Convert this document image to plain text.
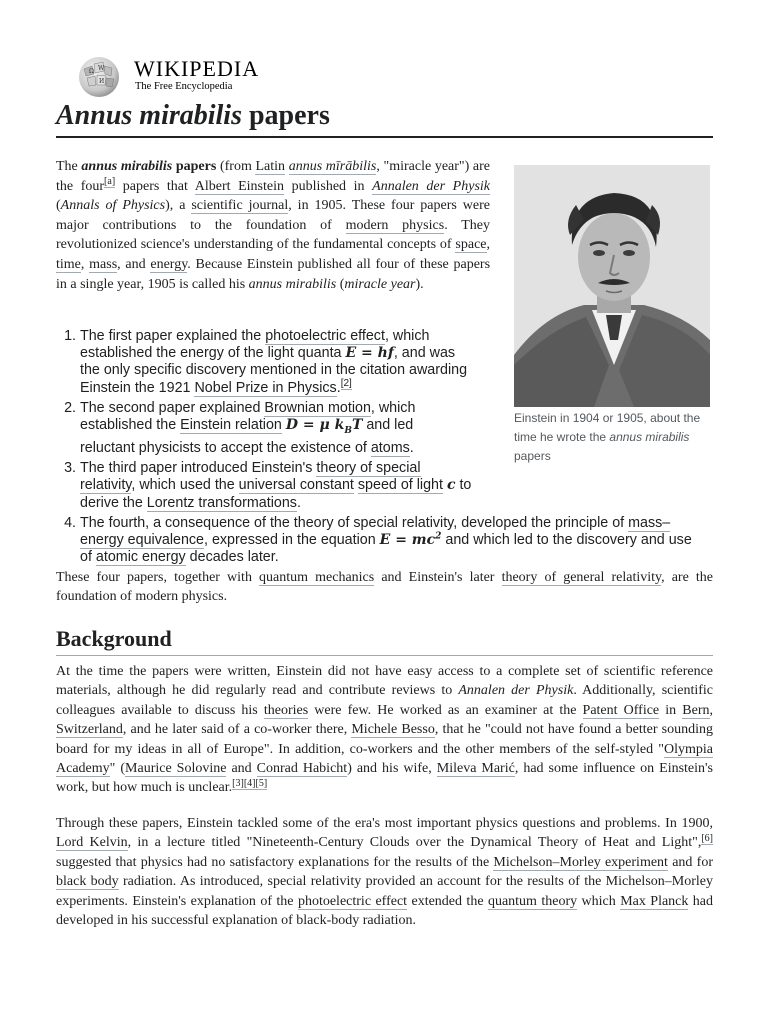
Ω W
И
WIKIPEDIA
The Free Encyclopedia
Annus mirabilis papers

The annus mirabilis papers (from Latin annus mīrābilis, "miracle year") are the four[a] papers that Albert Einstein published in Annalen der Physik (Annals of Physics), a scientific journal, in 1905. These four papers were major contributions to the foundation of modern physics. They revolutionized science's understanding of the fundamental concepts of space, time, mass, and energy. Because Einstein published all four of these papers in a single year, 1905 is called his annus mirabilis (miracle year).

Einstein in 1904 or 1905, about the time he wrote the annus mirabilis papers
1. The first paper explained the photoelectric effect, which established the energy of the light quanta E = hf, and was the only specific discovery mentioned in the citation awarding Einstein the 1921 Nobel Prize in Physics.[2]
2. The second paper explained Brownian motion, which established the Einstein relation D = μ $k_BT$ and led reluctant physicists to accept the existence of atoms.
3. The third paper introduced Einstein's theory of special relativity, which used the universal constant speed of light c to derive the Lorentz transformations.
4. The fourth, a consequence of the theory of special relativity, developed the principle of mass–energy equivalence, expressed in the equation $E = mc^2$ and which led to the discovery and use of atomic energy decades later.

These four papers, together with quantum mechanics and Einstein's later theory of general relativity, are the foundation of modern physics.

Background

At the time the papers were written, Einstein did not have easy access to a complete set of scientific reference materials, although he did regularly read and contribute reviews to Annalen der Physik. Additionally, scientific colleagues available to discuss his theories were few. He worked as an examiner at the Patent Office in Bern, Switzerland, and he later said of a co-worker there, Michele Besso, that he "could not have found a better sounding board for my ideas in all of Europe". In addition, co-workers and the other members of the self-styled "Olympia Academy" (Maurice Solovine and Conrad Habicht) and his wife, Mileva Marić, had some influence on Einstein's work, but how much is unclear.[3][4][5]

Through these papers, Einstein tackled some of the era's most important physics questions and problems. In 1900, Lord Kelvin, in a lecture titled "Nineteenth-Century Clouds over the Dynamical Theory of Heat and Light",[6] suggested that physics had no satisfactory explanations for the results of the Michelson–Morley experiment and for black body radiation. As introduced, special relativity provided an account for the results of the Michelson–Morley experiments. Einstein's explanation of the photoelectric effect extended the quantum theory which Max Planck had developed in his successful explanation of black-body radiation.
